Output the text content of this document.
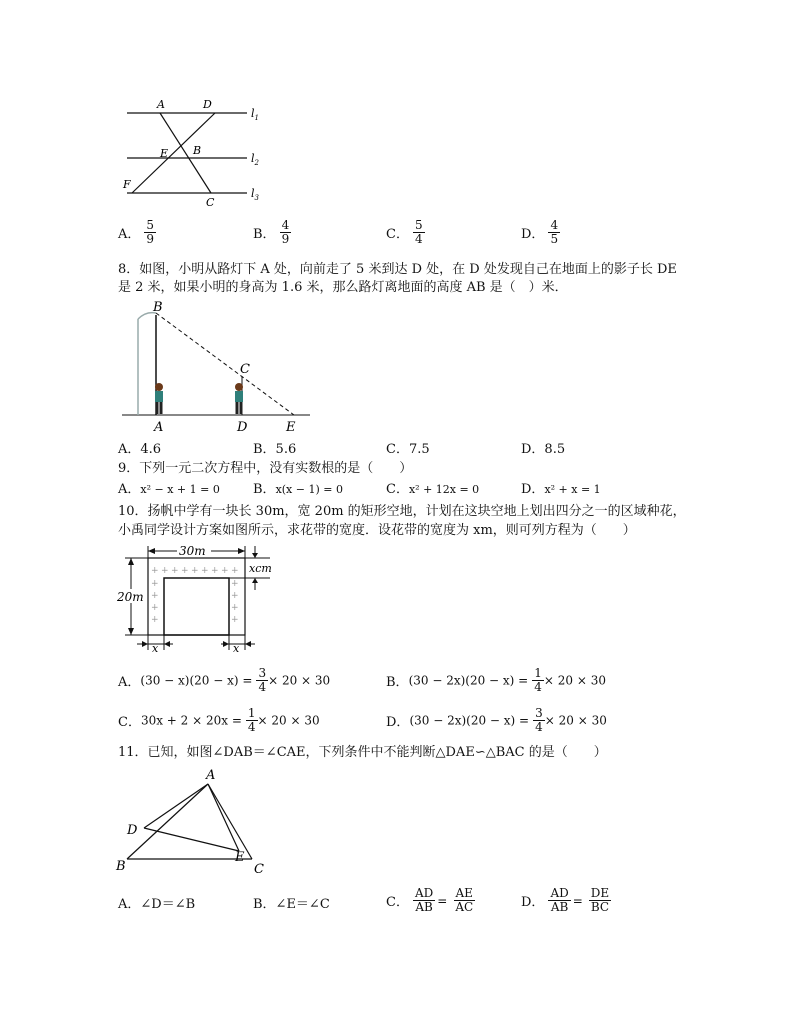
A	D
E B
F
C
$l_1$
$l_2$
$l_3$
A． $\frac{5}{9}$	B． $\frac{4}{9}$	C． $\frac{5}{4}$	D． $\frac{4}{5}$
8．如图，小明从路灯下 A 处，向前走了 5 米到达 D 处，在 D 处发现自己在地面上的影子长 DE
是 2 米，如果小明的身高为 1.6 米，那么路灯离地面的高度 AB 是（　）米．
B
C
A	D	E
A．4.6	B．5.6	C．7.5	D．8.5
9．下列一元二次方程中，没有实数根的是（　　）
A．x² − x + 1 = 0	B．x(x − 1) = 0	C．x² + 12x = 0	D．x² + x = 1
10．扬帆中学有一块长 30m，宽 20m 的矩形空地，计划在这块空地上划出四分之一的区域种花，
小禹同学设计方案如图所示，求花带的宽度．设花带的宽度为 xm，则可列方程为（　　）
30m
20m
+ + + + + + + + +
+
+
+
+
+
+
+
+
xcm
x	x
A．$(30 - x)(20 - x) = \frac{3}{4} \times 20 \times 30$	B．$(30 - 2x)(20 - x) = \frac{1}{4} \times 20 \times 30$
C．$30x + 2 \times 20x = \frac{1}{4} \times 20 \times 30$	D．$(30 - 2x)(20 - x) = \frac{3}{4} \times 20 \times 30$
11．已知，如图∠DAB＝∠CAE，下列条件中不能判断△DAE∽△BAC 的是（　　）
A
D
B
E
C
A．∠D＝∠B	B．∠E＝∠C	C． $\frac{AD}{AB} = \frac{AE}{AC}$	D． $\frac{AD}{AB} = \frac{DE}{BC}$
